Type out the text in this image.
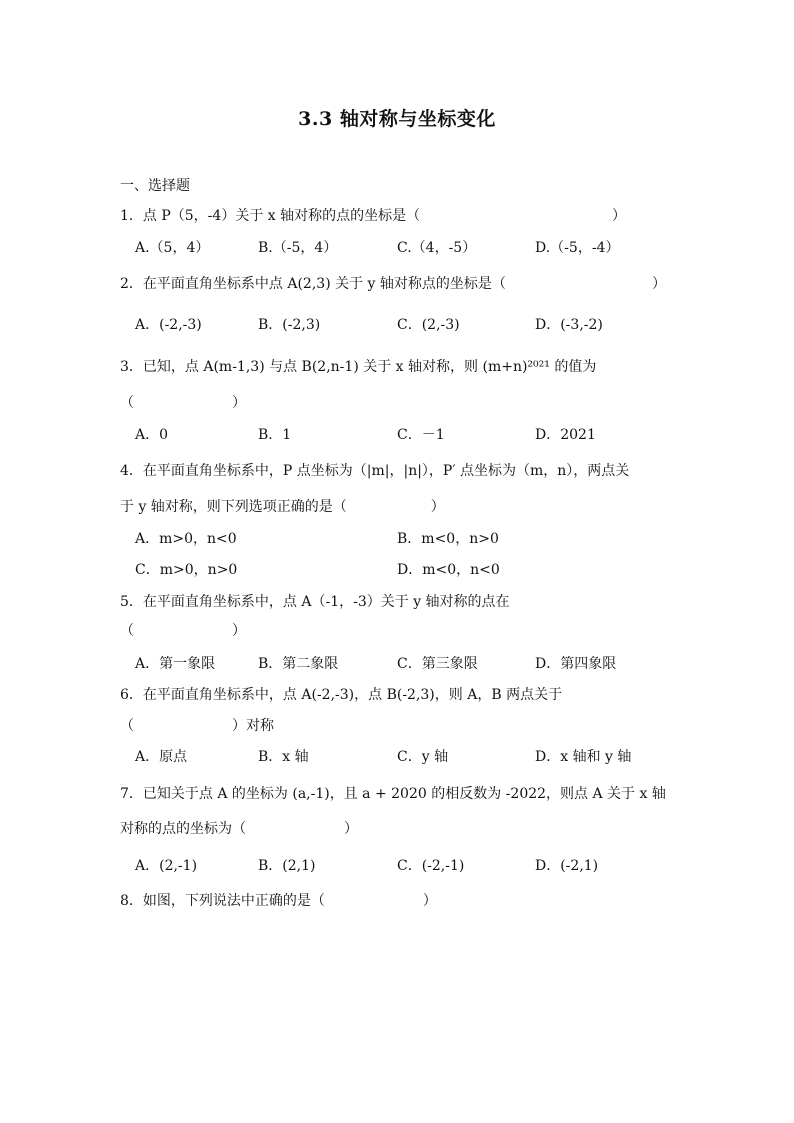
3.3 轴对称与坐标变化
一、选择题
1．点 P（5，-4）关于 x 轴对称的点的坐标是（	）
A.（5，4）	B.（-5，4）	C.（4，-5）	D.（-5，-4）
2．在平面直角坐标系中点 A(2,3) 关于 y 轴对称点的坐标是（	）
A．(-2,-3)	B．(-2,3)	C．(2,-3)	D．(-3,-2)
3．已知，点 A(m-1,3) 与点 B(2,n-1) 关于 x 轴对称，则 (m+n)²⁰²¹ 的值为
（　　　　　　　）
A．0	B．1	C．－1	D．2021
4．在平面直角坐标系中，P 点坐标为（|m|，|n|），P′ 点坐标为（m，n），两点关
于 y 轴对称，则下列选项正确的是（　　　　　　）
A．m>0，n<0	B．m<0，n>0
C．m>0，n>0	D．m<0，n<0
5．在平面直角坐标系中，点 A（-1，-3）关于 y 轴对称的点在
（　　　　　　　）
A．第一象限	B．第二象限	C．第三象限	D．第四象限
6．在平面直角坐标系中，点 A(-2,-3)，点 B(-2,3)，则 A，B 两点关于
（　　　　　　　）对称
A．原点	B．x 轴	C．y 轴	D．x 轴和 y 轴
7．已知关于点 A 的坐标为 (a,-1)，且 a + 2020 的相反数为 -2022，则点 A 关于 x 轴
对称的点的坐标为（　　　　　　　）
A．(2,-1)	B．(2,1)	C．(-2,-1)	D．(-2,1)
8．如图，下列说法中正确的是（　　　　　　　）
